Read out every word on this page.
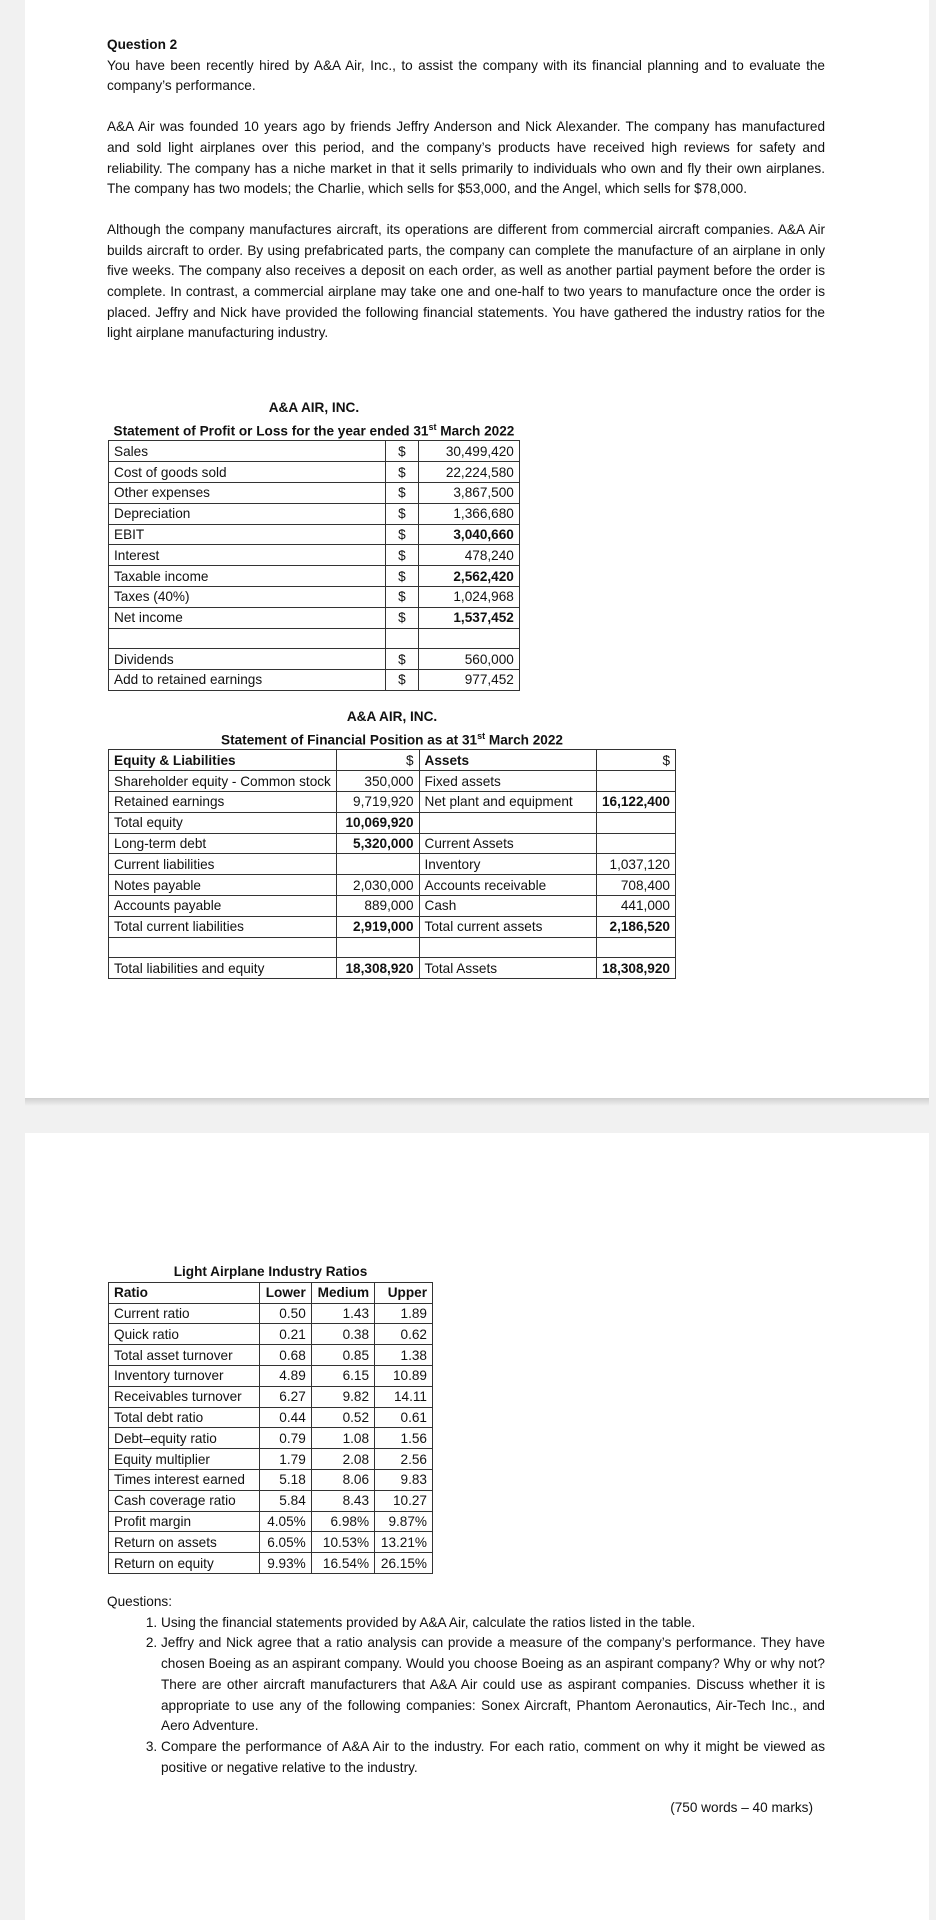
Question 2

You have been recently hired by A&A Air, Inc., to assist the company with its financial planning and to evaluate the company’s performance.

A&A Air was founded 10 years ago by friends Jeffry Anderson and Nick Alexander. The company has manufactured and sold light airplanes over this period, and the company’s products have received high reviews for safety and reliability. The company has a niche market in that it sells primarily to individuals who own and fly their own airplanes. The company has two models; the Charlie, which sells for $53,000, and the Angel, which sells for $78,000.

Although the company manufactures aircraft, its operations are different from commercial aircraft companies. A&A Air builds aircraft to order. By using prefabricated parts, the company can complete the manufacture of an airplane in only five weeks. The company also receives a deposit on each order, as well as another partial payment before the order is complete. In contrast, a commercial airplane may take one and one-half to two years to manufacture once the order is placed. Jeffry and Nick have provided the following financial statements. You have gathered the industry ratios for the light airplane manufacturing industry.

A&A AIR, INC.		
Statement of Profit or Loss for the year ended 31st March 2022		
Sales	$	30,499,420
Cost of goods sold	$	22,224,580
Other expenses	$	3,867,500
Depreciation	$	1,366,680
EBIT	$	3,040,660
Interest	$	478,240
Taxable income	$	2,562,420
Taxes (40%)	$	1,024,968
Net income	$	1,537,452

Dividends	$	560,000
Add to retained earnings	$	977,452
A&A AIR, INC.			
Statement of Financial Position as at 31st March 2022			
Equity & Liabilities	$	Assets	$
Shareholder equity - Common stock	350,000	Fixed assets	
Retained earnings	9,719,920	Net plant and equipment	16,122,400
Total equity	10,069,920		
Long-term debt	5,320,000	Current Assets	
Current liabilities		Inventory	1,037,120
Notes payable	2,030,000	Accounts receivable	708,400
Accounts payable	889,000	Cash	441,000
Total current liabilities	2,919,000	Total current assets	2,186,520

Total liabilities and equity	18,308,920	Total Assets	18,308,920
Light Airplane Industry Ratios			
Ratio	Lower	Medium	Upper
Current ratio	0.50	1.43	1.89
Quick ratio	0.21	0.38	0.62
Total asset turnover	0.68	0.85	1.38
Inventory turnover	4.89	6.15	10.89
Receivables turnover	6.27	9.82	14.11
Total debt ratio	0.44	0.52	0.61
Debt–equity ratio	0.79	1.08	1.56
Equity multiplier	1.79	2.08	2.56
Times interest earned	5.18	8.06	9.83
Cash coverage ratio	5.84	8.43	10.27
Profit margin	4.05%	6.98%	9.87%
Return on assets	6.05%	10.53%	13.21%
Return on equity	9.93%	16.54%	26.15%
Questions:
1. Using the financial statements provided by A&A Air, calculate the ratios listed in the table.
2. Jeffry and Nick agree that a ratio analysis can provide a measure of the company’s performance. They have chosen Boeing as an aspirant company. Would you choose Boeing as an aspirant company? Why or why not? There are other aircraft manufacturers that A&A Air could use as aspirant companies. Discuss whether it is appropriate to use any of the following companies: Sonex Aircraft, Phantom Aeronautics, Air-Tech Inc., and Aero Adventure.
3. Compare the performance of A&A Air to the industry. For each ratio, comment on why it might be viewed as positive or negative relative to the industry.
(750 words – 40 marks)
